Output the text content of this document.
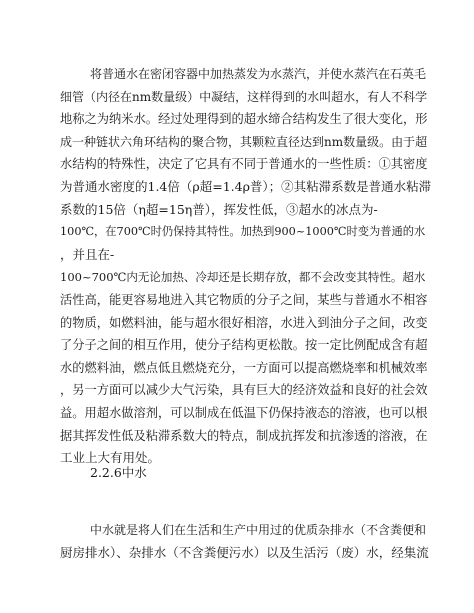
将普通水在密闭容器中加热蒸发为水蒸汽，并使水蒸汽在石英毛
细管（内径在nm数量级）中凝结，这样得到的水叫超水，有人不科学
地称之为纳米水。经过处理得到的超水缔合结构发生了很大变化，形
成一种链状六角环结构的聚合物，其颗粒直径达到nm数量级。由于超
水结构的特殊性，决定了它具有不同于普通水的一些性质：①其密度
为普通水密度的1.4倍（ρ超=1.4ρ普）；②其粘滞系数是普通水粘滞
系数的15倍（η超=15η普），挥发性低，③超水的冰点为-
100℃，在700℃时仍保持其特性。加热到900~1000℃时变为普通的水
，并且在-
100~700℃内无论加热、冷却还是长期存放，都不会改变其特性。超水
活性高，能更容易地进入其它物质的分子之间，某些与普通水不相容
的物质，如燃料油，能与超水很好相溶，水进入到油分子之间，改变
了分子之间的相互作用，使分子结构更松散。按一定比例配成含有超
水的燃料油，燃点低且燃烧充分，一方面可以提高燃烧率和机械效率
，另一方面可以减少大气污染，具有巨大的经济效益和良好的社会效
益。用超水做溶剂，可以制成在低温下仍保持液态的溶液，也可以根
据其挥发性低及粘滞系数大的特点，制成抗挥发和抗渗透的溶液，在
工业上大有用处。
2.2.6中水
中水就是将人们在生活和生产中用过的优质杂排水（不含粪便和
厨房排水）、杂排水（不含粪便污水）以及生活污（废）水，经集流
